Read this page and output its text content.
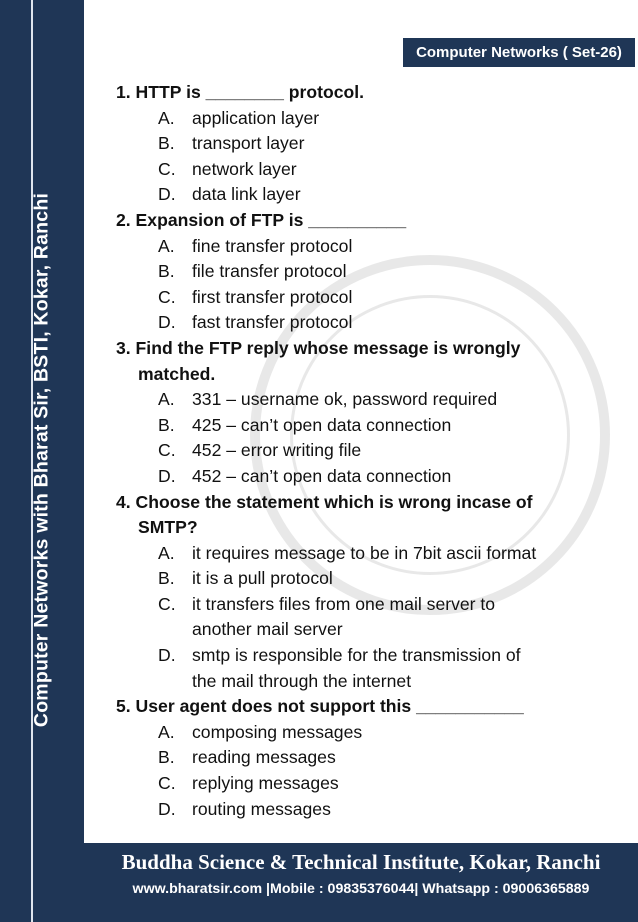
Computer Networks with Bharat Sir, BSTI, Kokar, Ranchi
Computer Networks ( Set-26)
1. HTTP is ________ protocol.
A. application layer
B. transport layer
C. network layer
D. data link layer
2. Expansion of FTP is __________
A. fine transfer protocol
B. file transfer protocol
C. first transfer protocol
D. fast transfer protocol
3. Find the FTP reply whose message is wrongly
matched.
A. 331 – username ok, password required
B. 425 – can’t open data connection
C. 452 – error writing file
D. 452 – can’t open data connection
4. Choose the statement which is wrong incase of
SMTP?
A. it requires message to be in 7bit ascii format
B. it is a pull protocol
C. it transfers files from one mail server to
another mail server
D. smtp is responsible for the transmission of
the mail through the internet
5. User agent does not support this ___________
A. composing messages
B. reading messages
C. replying messages
D. routing messages
Buddha Science & Technical Institute, Kokar, Ranchi
www.bharatsir.com |Mobile : 09835376044| Whatsapp : 09006365889
